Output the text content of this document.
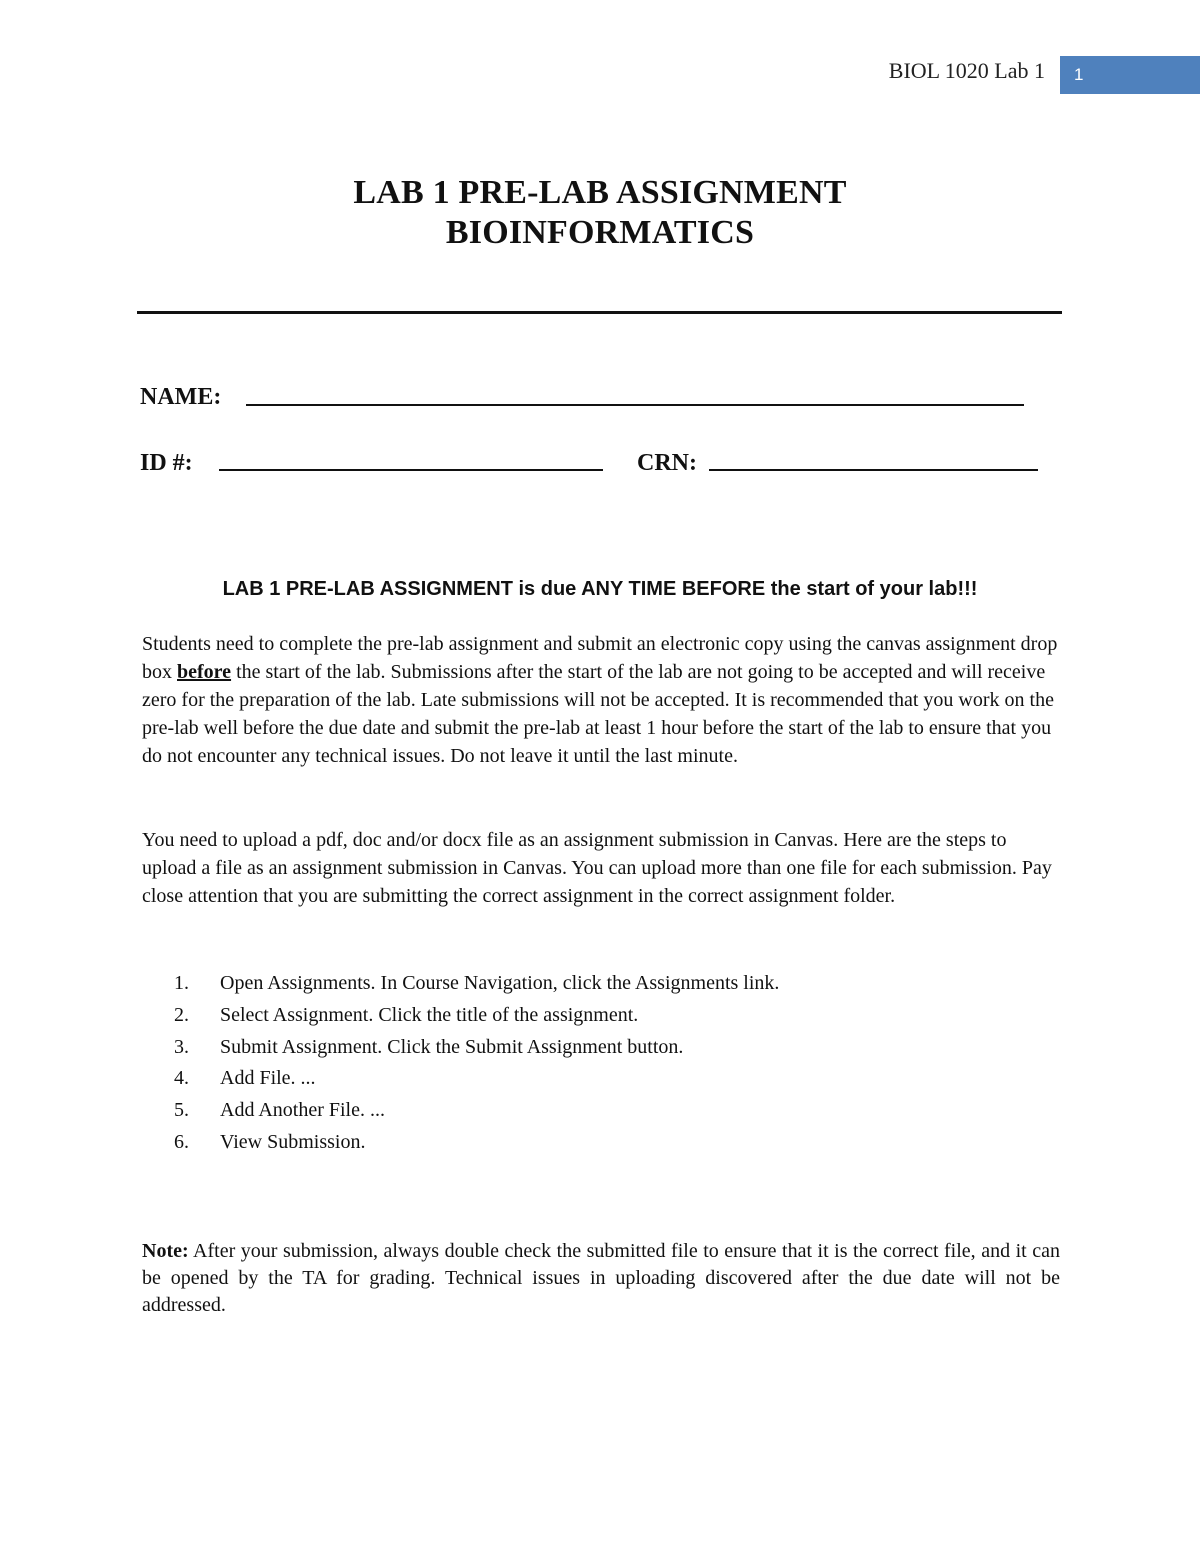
BIOL 1020 Lab 1	1
LAB 1 PRE-LAB ASSIGNMENT
BIOINFORMATICS
NAME:
ID #:	CRN:
LAB 1 PRE-LAB ASSIGNMENT is due ANY TIME BEFORE the start of your lab!!!

Students need to complete the pre-lab assignment and submit an electronic copy using the canvas assignment drop box before the start of the lab. Submissions after the start of the lab are not going to be accepted and will receive zero for the preparation of the lab. Late submissions will not be accepted. It is recommended that you work on the pre-lab well before the due date and submit the pre-lab at least 1 hour before the start of the lab to ensure that you do not encounter any technical issues. Do not leave it until the last minute.

You need to upload a pdf, doc and/or docx file as an assignment submission in Canvas. Here are the steps to upload a file as an assignment submission in Canvas. You can upload more than one file for each submission. Pay close attention that you are submitting the correct assignment in the correct assignment folder.

1.	Open Assignments. In Course Navigation, click the Assignments link.
2.	Select Assignment. Click the title of the assignment.
3.	Submit Assignment. Click the Submit Assignment button.
4.	Add File. ...
5.	Add Another File. ...
6.	View Submission.

Note: After your submission, always double check the submitted file to ensure that it is the correct file, and it can be opened by the TA for grading. Technical issues in uploading discovered after the due date will not be addressed.
